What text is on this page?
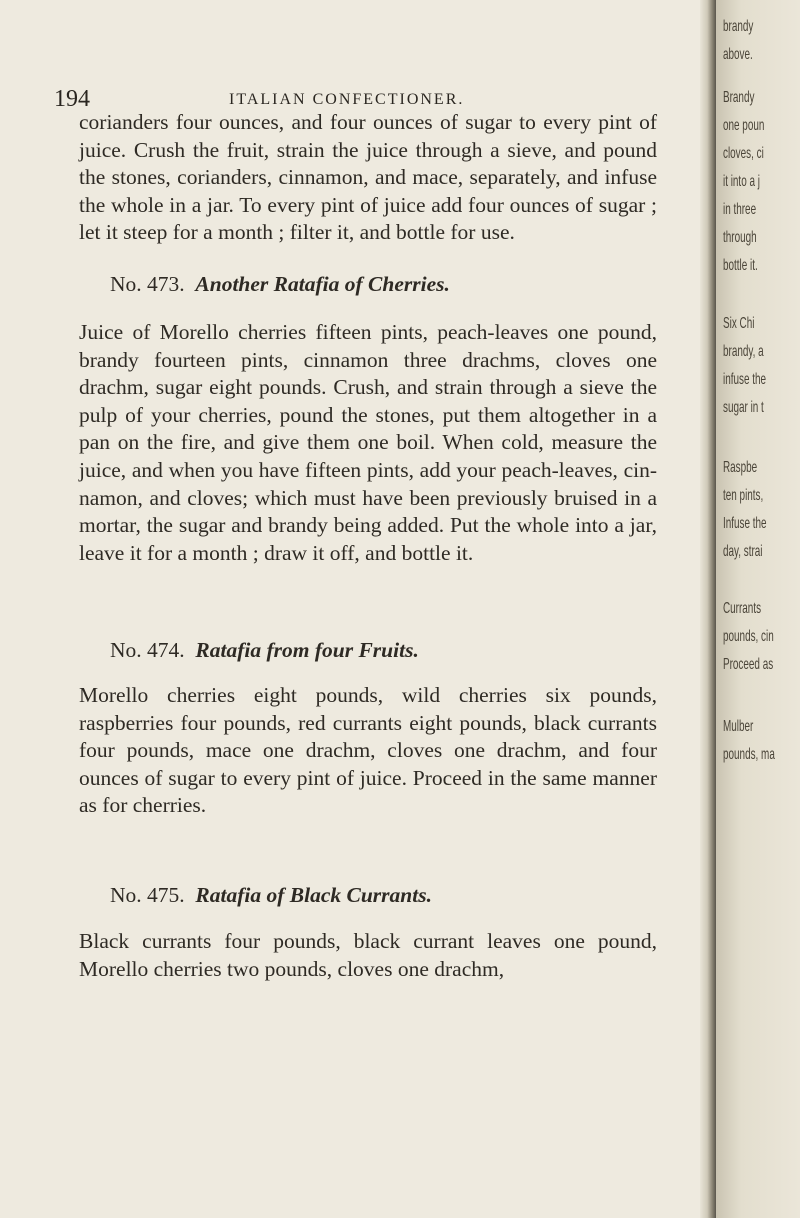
194	ITALIAN CONFECTIONER.

corianders four ounces, and four ounces of sugar to every pint of juice. Crush the fruit, strain the juice through a sieve, and pound the stones, corianders, cinnamon, and mace, separately, and infuse the whole in a jar. To every pint of juice add four ounces of sugar ; let it steep for a month ; filter it, and bottle for use.

No. 473. Another Ratafia of Cherries.

Juice of Morello cherries fifteen pints, peach-leaves one pound, brandy fourteen pints, cinnamon three drachms, cloves one drachm, sugar eight pounds. Crush, and strain through a sieve the pulp of your cherries, pound the stones, put them altogether in a pan on the fire, and give them one boil. When cold, measure the juice, and when you have fifteen pints, add your peach-leaves, cin-namon, and cloves; which must have been previously bruised in a mortar, the sugar and brandy being added. Put the whole into a jar, leave it for a month ; draw it off, and bottle it.

No. 474. Ratafia from four Fruits.

Morello cherries eight pounds, wild cherries six pounds, raspberries four pounds, red currants eight pounds, black currants four pounds, mace one drachm, cloves one drachm, and four ounces of sugar to every pint of juice. Proceed in the same manner as for cherries.

No. 475. Ratafia of Black Currants.

Black currants four pounds, black currant leaves one pound, Morello cherries two pounds, cloves one drachm,

brandy
above.
Brandy
one poun
cloves, ci
it into a j
in three
through
bottle it.
Six Chi
brandy, a
infuse the
sugar in t
Raspbe
ten pints,
Infuse the
day, strai
Currants
pounds, cin
Proceed as
Mulber
pounds, ma
